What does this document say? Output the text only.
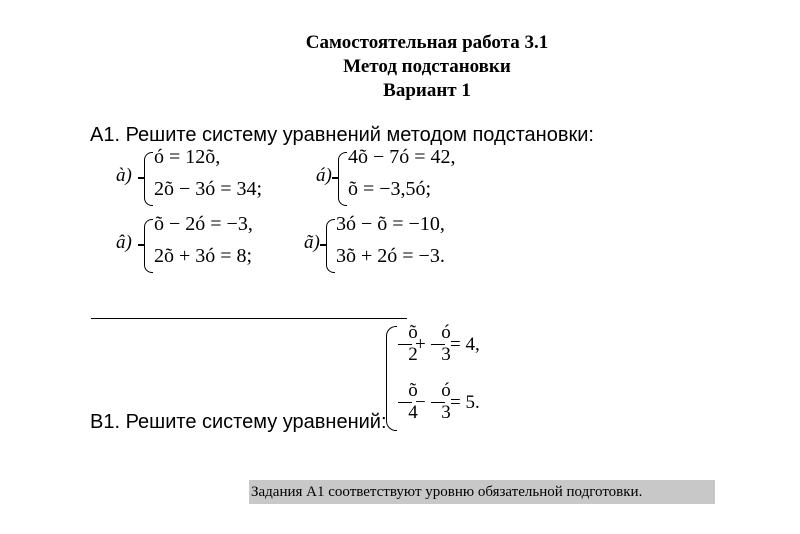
Самостоятельная работа 3.1
Метод подстановки
Вариант 1
А1. Решите систему уравнений методом подстановки:
à)
ó = 12õ,
2õ − 3ó = 34;
á)
4õ − 7ó = 42,
õ = −3,5ó;
â)
õ − 2ó = −3,
2õ + 3ó = 8;
ã)
3ó − õ = −10,
3õ + 2ó = −3.
В1. Решите систему уравнений:
õ
2
+
ó
3 = 4,
õ
4
−
ó
3 = 5.
Задания А1 соответствуют уровню обязательной подготовки.
